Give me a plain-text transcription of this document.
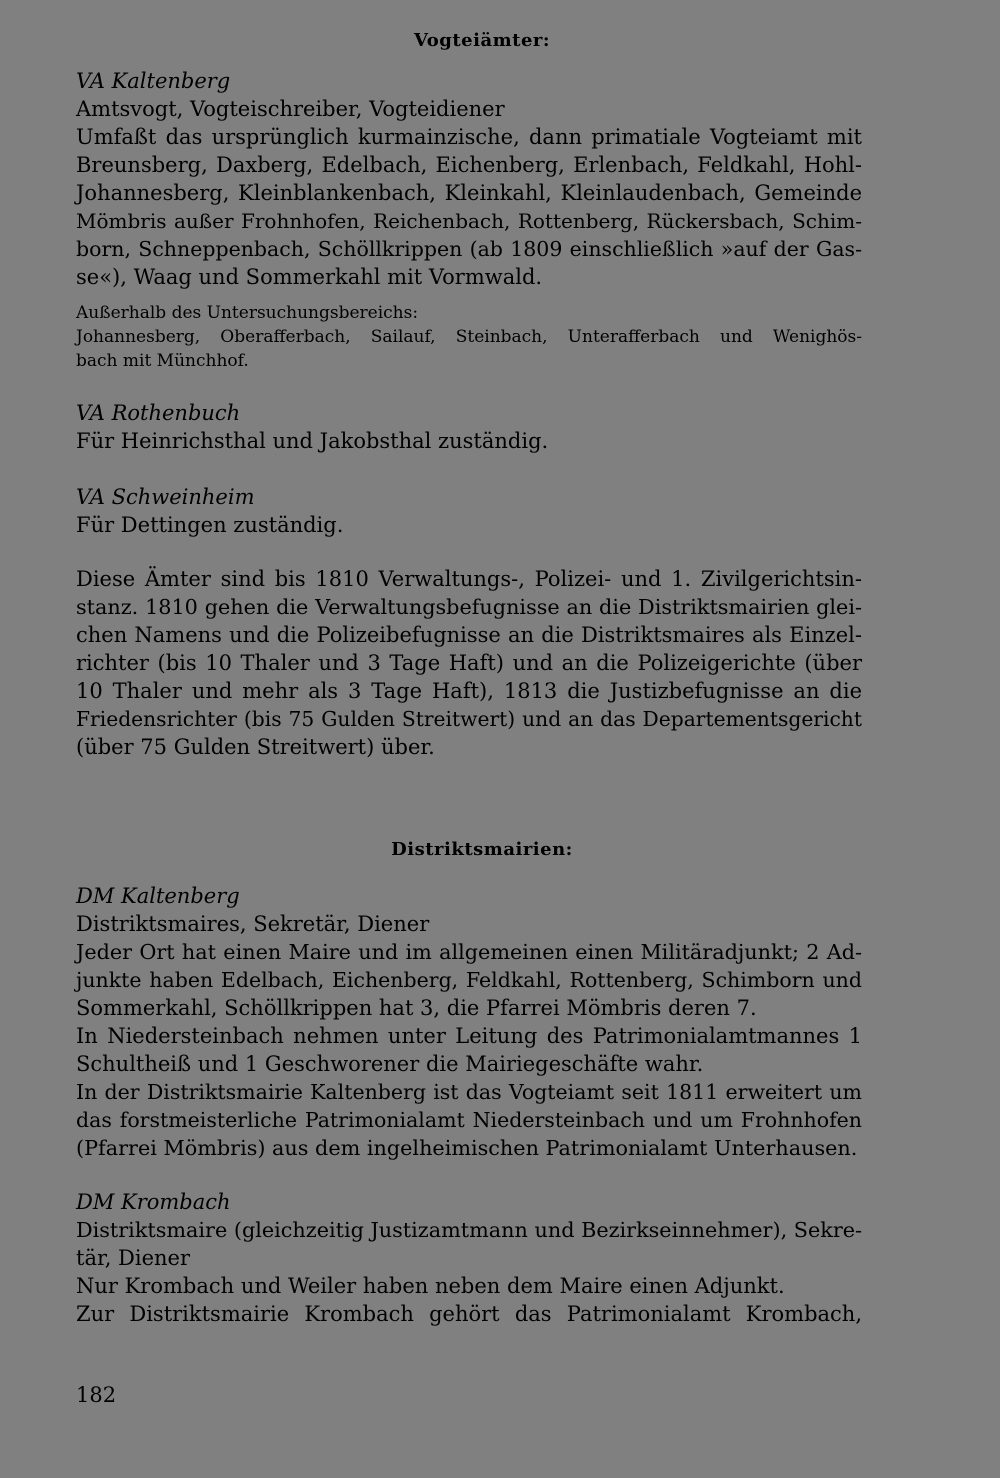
Vogteiämter:

VA Kaltenberg

Amtsvogt, Vogteischreiber, Vogteidiener

Umfaßt das ursprünglich kurmainzische, dann primatiale Vogteiamt mit

Breunsberg, Daxberg, Edelbach, Eichenberg, Erlenbach, Feldkahl, Hohl-

Johannesberg, Kleinblankenbach, Kleinkahl, Kleinlaudenbach, Gemeinde

Mömbris außer Frohnhofen, Reichenbach, Rottenberg, Rückersbach, Schim-

born, Schneppenbach, Schöllkrippen (ab 1809 einschließlich »auf der Gas-

se«), Waag und Sommerkahl mit Vormwald.

Außerhalb des Untersuchungsbereichs:

Johannesberg, Oberafferbach, Sailauf, Steinbach, Unterafferbach und Wenighös-

bach mit Münchhof.

VA Rothenbuch

Für Heinrichsthal und Jakobsthal zuständig.

VA Schweinheim

Für Dettingen zuständig.

Diese Ämter sind bis 1810 Verwaltungs-, Polizei- und 1. Zivilgerichtsin-

stanz. 1810 gehen die Verwaltungsbefugnisse an die Distriktsmairien glei-

chen Namens und die Polizeibefugnisse an die Distriktsmaires als Einzel-

richter (bis 10 Thaler und 3 Tage Haft) und an die Polizeigerichte (über

10 Thaler und mehr als 3 Tage Haft), 1813 die Justizbefugnisse an die

Friedensrichter (bis 75 Gulden Streitwert) und an das Departementsgericht

(über 75 Gulden Streitwert) über.

Distriktsmairien:

DM Kaltenberg

Distriktsmaires, Sekretär, Diener

Jeder Ort hat einen Maire und im allgemeinen einen Militäradjunkt; 2 Ad-

junkte haben Edelbach, Eichenberg, Feldkahl, Rottenberg, Schimborn und

Sommerkahl, Schöllkrippen hat 3, die Pfarrei Mömbris deren 7.

In Niedersteinbach nehmen unter Leitung des Patrimonialamtmannes 1

Schultheiß und 1 Geschworener die Mairiegeschäfte wahr.

In der Distriktsmairie Kaltenberg ist das Vogteiamt seit 1811 erweitert um

das forstmeisterliche Patrimonialamt Niedersteinbach und um Frohnhofen

(Pfarrei Mömbris) aus dem ingelheimischen Patrimonialamt Unterhausen.

DM Krombach

Distriktsmaire (gleichzeitig Justizamtmann und Bezirkseinnehmer), Sekre-

tär, Diener

Nur Krombach und Weiler haben neben dem Maire einen Adjunkt.

Zur Distriktsmairie Krombach gehört das Patrimonialamt Krombach,

182
